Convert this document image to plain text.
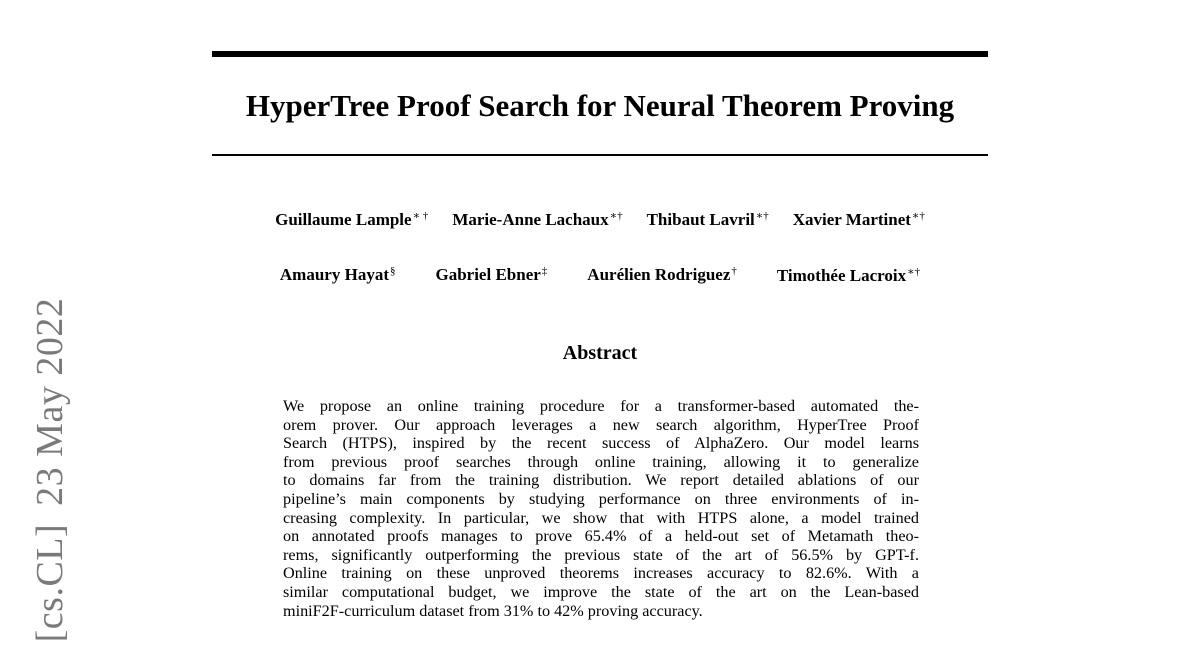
[cs.CL]23 May 2022
HyperTree Proof Search for Neural Theorem Proving
Guillaume Lample∗ † Marie-Anne Lachaux∗† Thibaut Lavril∗† Xavier Martinet∗†
Amaury Hayat§ Gabriel Ebner‡ Aurélien Rodriguez† Timothée Lacroix∗†
Abstract
We propose an online training procedure for a transformer-based automated the-
orem prover. Our approach leverages a new search algorithm, HyperTree Proof
Search (HTPS), inspired by the recent success of AlphaZero. Our model learns
from previous proof searches through online training, allowing it to generalize
to domains far from the training distribution. We report detailed ablations of our
pipeline’s main components by studying performance on three environments of in-
creasing complexity. In particular, we show that with HTPS alone, a model trained
on annotated proofs manages to prove 65.4% of a held-out set of Metamath theo-
rems, significantly outperforming the previous state of the art of 56.5% by GPT-f.
Online training on these unproved theorems increases accuracy to 82.6%. With a
similar computational budget, we improve the state of the art on the Lean-based
miniF2F-curriculum dataset from 31% to 42% proving accuracy.
